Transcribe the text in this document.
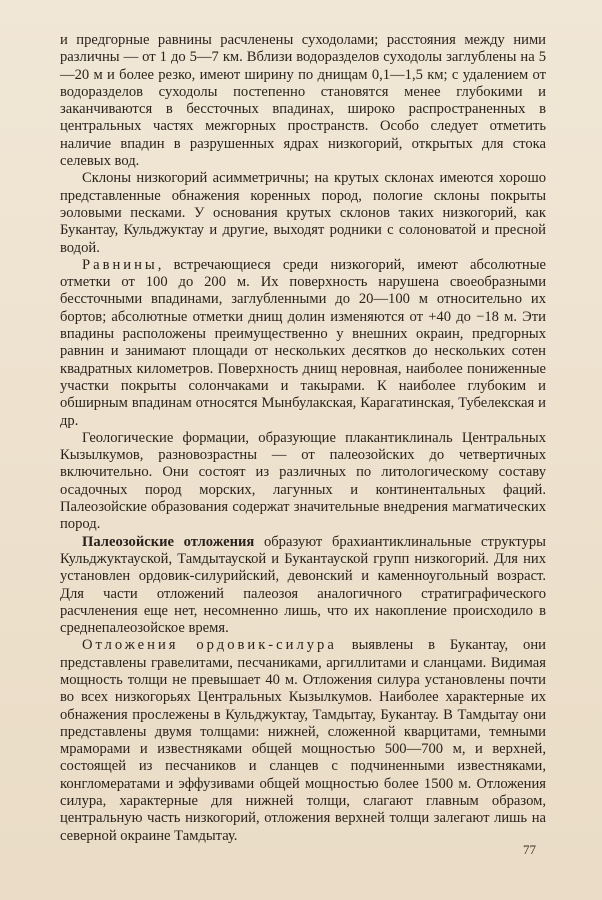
и предгорные равнины расчленены суходолами; расстояния между ними различны — от 1 до 5—7 км. Вблизи водоразделов суходолы заглублены на 5—20 м и более резко, имеют ширину по днищам 0,1—1,5 км; с удалением от водоразделов суходолы постепенно становятся менее глубокими и заканчиваются в бессточных впадинах, широко распространенных в центральных частях межгорных пространств. Особо следует отметить наличие впадин в разрушенных ядрах низкогорий, открытых для стока селевых вод.

Склоны низкогорий асимметричны; на крутых склонах имеются хорошо представленные обнажения коренных пород, пологие склоны покрыты эоловыми песками. У основания крутых склонов таких низкогорий, как Букантау, Кульджуктау и другие, выходят родники с солоноватой и пресной водой.

Равнины, встречающиеся среди низкогорий, имеют абсолютные отметки от 100 до 200 м. Их поверхность нарушена своеобразными бессточными впадинами, заглубленными до 20—100 м относительно их бортов; абсолютные отметки днищ долин изменяются от +40 до −18 м. Эти впадины расположены преимущественно у внешних окраин, предгорных равнин и занимают площади от нескольких десятков до нескольких сотен квадратных километров. Поверхность днищ неровная, наиболее пониженные участки покрыты солончаками и такырами. К наиболее глубоким и обширным впадинам относятся Мынбулакская, Карагатинская, Тубелекская и др.

Геологические формации, образующие плакантиклиналь Центральных Кызылкумов, разновозрастны — от палеозойских до четвертичных включительно. Они состоят из различных по литологическому составу осадочных пород морских, лагунных и континентальных фаций. Палеозойские образования содержат значительные внедрения магматических пород.

Палеозойские отложения образуют брахиантиклинальные структуры Кульджуктауской, Тамдытауской и Букантауской групп низкогорий. Для них установлен ордовик-силурийский, девонский и каменноугольный возраст. Для части отложений палеозоя аналогичного стратиграфического расчленения еще нет, несомненно лишь, что их накопление происходило в среднепалеозойское время.

Отложения ордовик-силура выявлены в Букантау, они представлены гравелитами, песчаниками, аргиллитами и сланцами. Видимая мощность толщи не превышает 40 м. Отложения силура установлены почти во всех низкогорьях Центральных Кызылкумов. Наиболее характерные их обнажения прослежены в Кульджуктау, Тамдытау, Букантау. В Тамдытау они представлены двумя толщами: нижней, сложенной кварцитами, темными мраморами и известняками общей мощностью 500—700 м, и верхней, состоящей из песчаников и сланцев с подчиненными известняками, конгломератами и эффузивами общей мощностью более 1500 м. Отложения силура, характерные для нижней толщи, слагают главным образом, центральную часть низкогорий, отложения верхней толщи залегают лишь на северной окраине Тамдытау.

77
